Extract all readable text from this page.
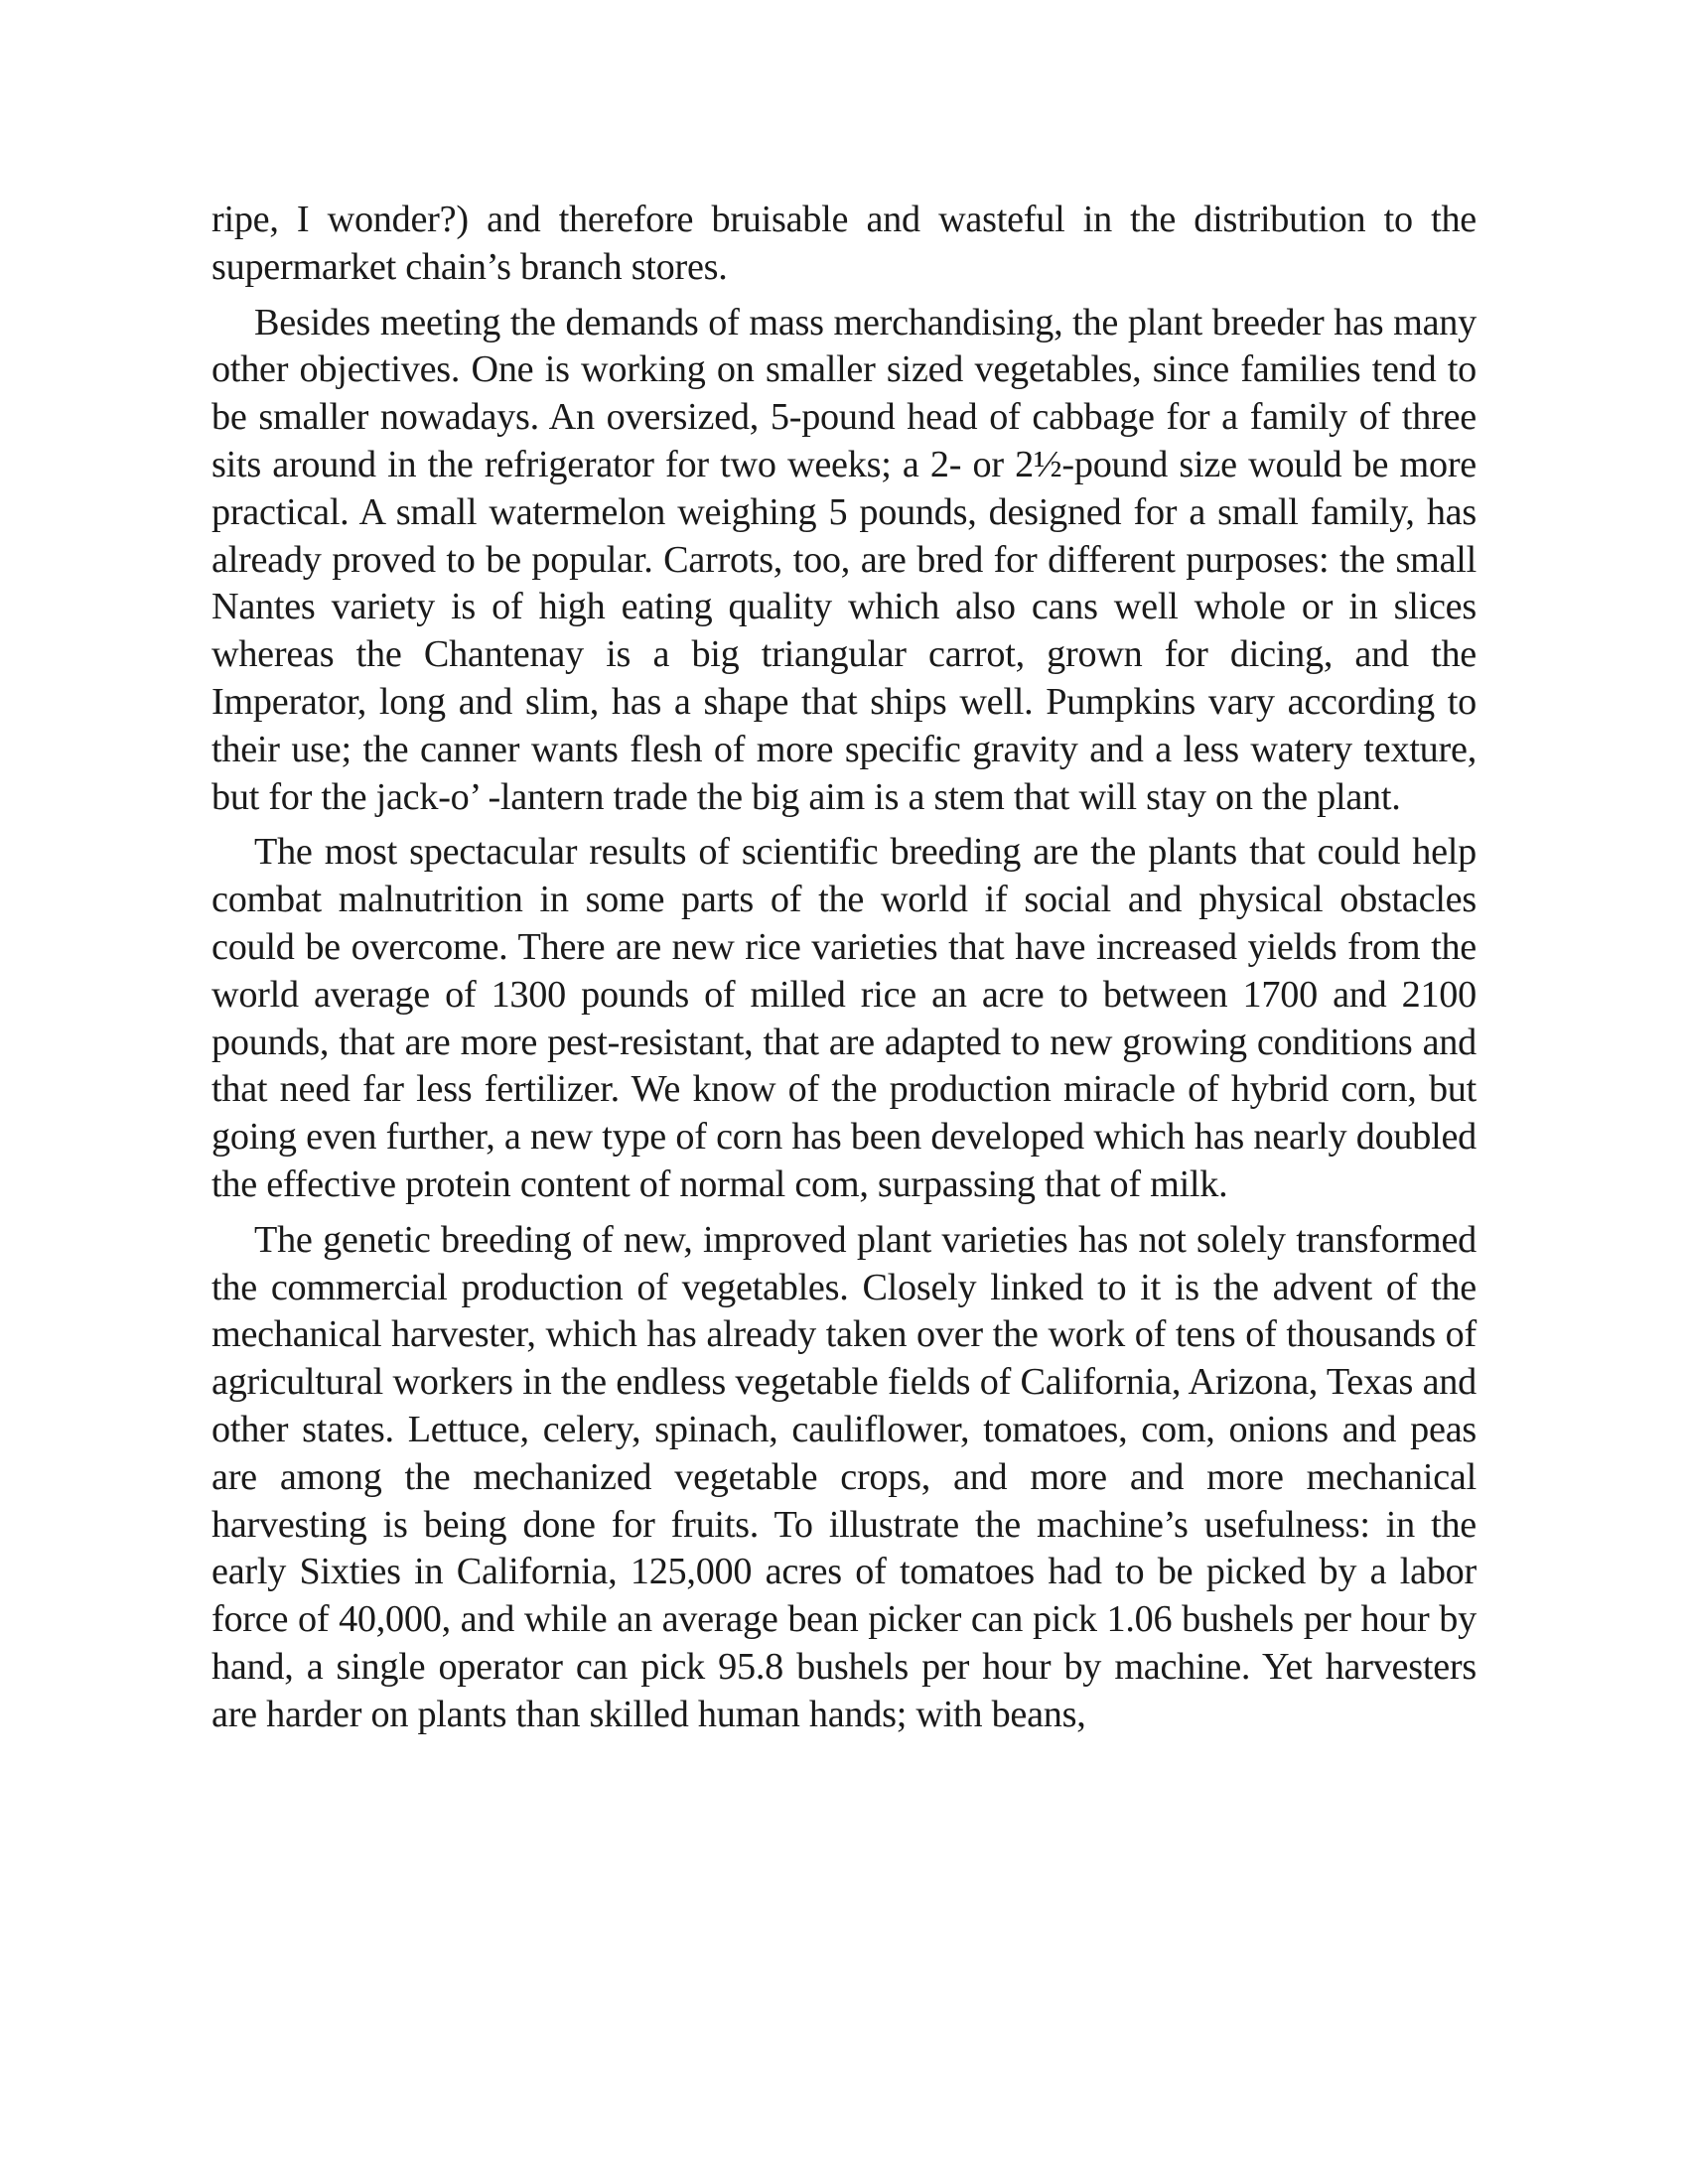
ripe, I wonder?) and therefore bruisable and wasteful in the distribution to the supermarket chain’s branch stores.

Besides meeting the demands of mass merchandising, the plant breeder has many other objectives. One is working on smaller sized vegetables, since families tend to be smaller nowadays. An oversized, 5-pound head of cabbage for a family of three sits around in the refrigerator for two weeks; a 2- or 2½-pound size would be more practical. A small watermelon weighing 5 pounds, designed for a small family, has already proved to be popular. Carrots, too, are bred for different purposes: the small Nantes variety is of high eating quality which also cans well whole or in slices whereas the Chantenay is a big triangular carrot, grown for dicing, and the Imperator, long and slim, has a shape that ships well. Pumpkins vary according to their use; the canner wants flesh of more specific gravity and a less watery texture, but for the jack-o’ -lantern trade the big aim is a stem that will stay on the plant.

The most spectacular results of scientific breeding are the plants that could help combat malnutrition in some parts of the world if social and physical obstacles could be overcome. There are new rice varieties that have increased yields from the world average of 1300 pounds of milled rice an acre to between 1700 and 2100 pounds, that are more pest-resistant, that are adapted to new growing conditions and that need far less fertilizer. We know of the production miracle of hybrid corn, but going even further, a new type of corn has been developed which has nearly doubled the effective protein content of normal com, surpassing that of milk.

The genetic breeding of new, improved plant varieties has not solely transformed the commercial production of vegetables. Closely linked to it is the advent of the mechanical harvester, which has already taken over the work of tens of thousands of agricultural workers in the endless vegetable fields of California, Arizona, Texas and other states. Lettuce, celery, spinach, cauliflower, tomatoes, com, onions and peas are among the mechanized vegetable crops, and more and more mechanical harvesting is being done for fruits. To illustrate the machine’s usefulness: in the early Sixties in California, 125,000 acres of tomatoes had to be picked by a labor force of 40,000, and while an average bean picker can pick 1.06 bushels per hour by hand, a single operator can pick 95.8 bushels per hour by machine. Yet harvesters are harder on plants than skilled human hands; with beans,
